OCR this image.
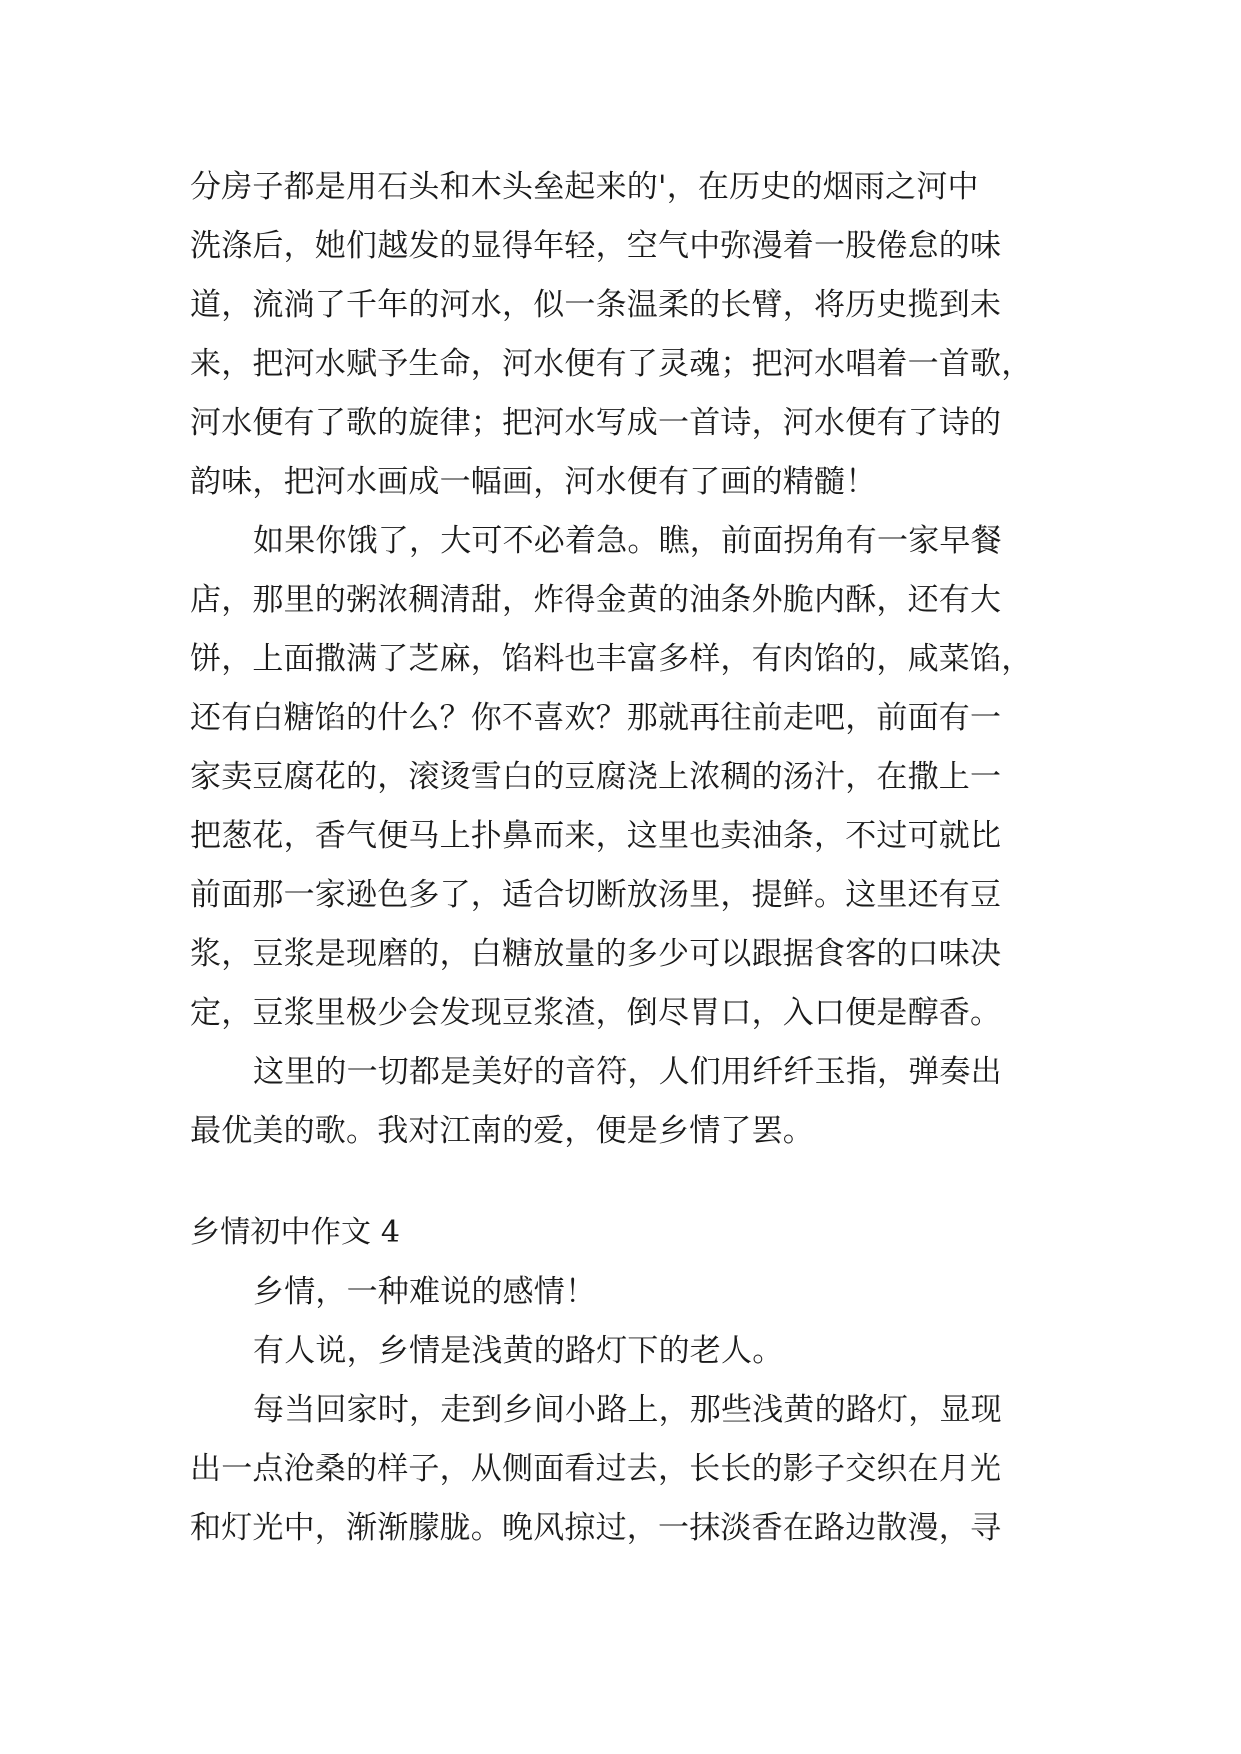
分房子都是用石头和木头垒起来的'，在历史的烟雨之河中
洗涤后，她们越发的显得年轻，空气中弥漫着一股倦怠的味
道，流淌了千年的河水，似一条温柔的长臂，将历史揽到未
来，把河水赋予生命，河水便有了灵魂；把河水唱着一首歌，
河水便有了歌的旋律；把河水写成一首诗，河水便有了诗的
韵味，把河水画成一幅画，河水便有了画的精髓！
如果你饿了，大可不必着急。瞧，前面拐角有一家早餐
店，那里的粥浓稠清甜，炸得金黄的油条外脆内酥，还有大
饼，上面撒满了芝麻，馅料也丰富多样，有肉馅的，咸菜馅，
还有白糖馅的什么？你不喜欢？那就再往前走吧，前面有一
家卖豆腐花的，滚烫雪白的豆腐浇上浓稠的汤汁，在撒上一
把葱花，香气便马上扑鼻而来，这里也卖油条，不过可就比
前面那一家逊色多了，适合切断放汤里，提鲜。这里还有豆
浆，豆浆是现磨的，白糖放量的多少可以跟据食客的口味决
定，豆浆里极少会发现豆浆渣，倒尽胃口，入口便是醇香。
这里的一切都是美好的音符，人们用纤纤玉指，弹奏出
最优美的歌。我对江南的爱，便是乡情了罢。
乡情初中作文 4
乡情，一种难说的感情！
有人说，乡情是浅黄的路灯下的老人。
每当回家时，走到乡间小路上，那些浅黄的路灯，显现
出一点沧桑的样子，从侧面看过去，长长的影子交织在月光
和灯光中，渐渐朦胧。晚风掠过，一抹淡香在路边散漫，寻
